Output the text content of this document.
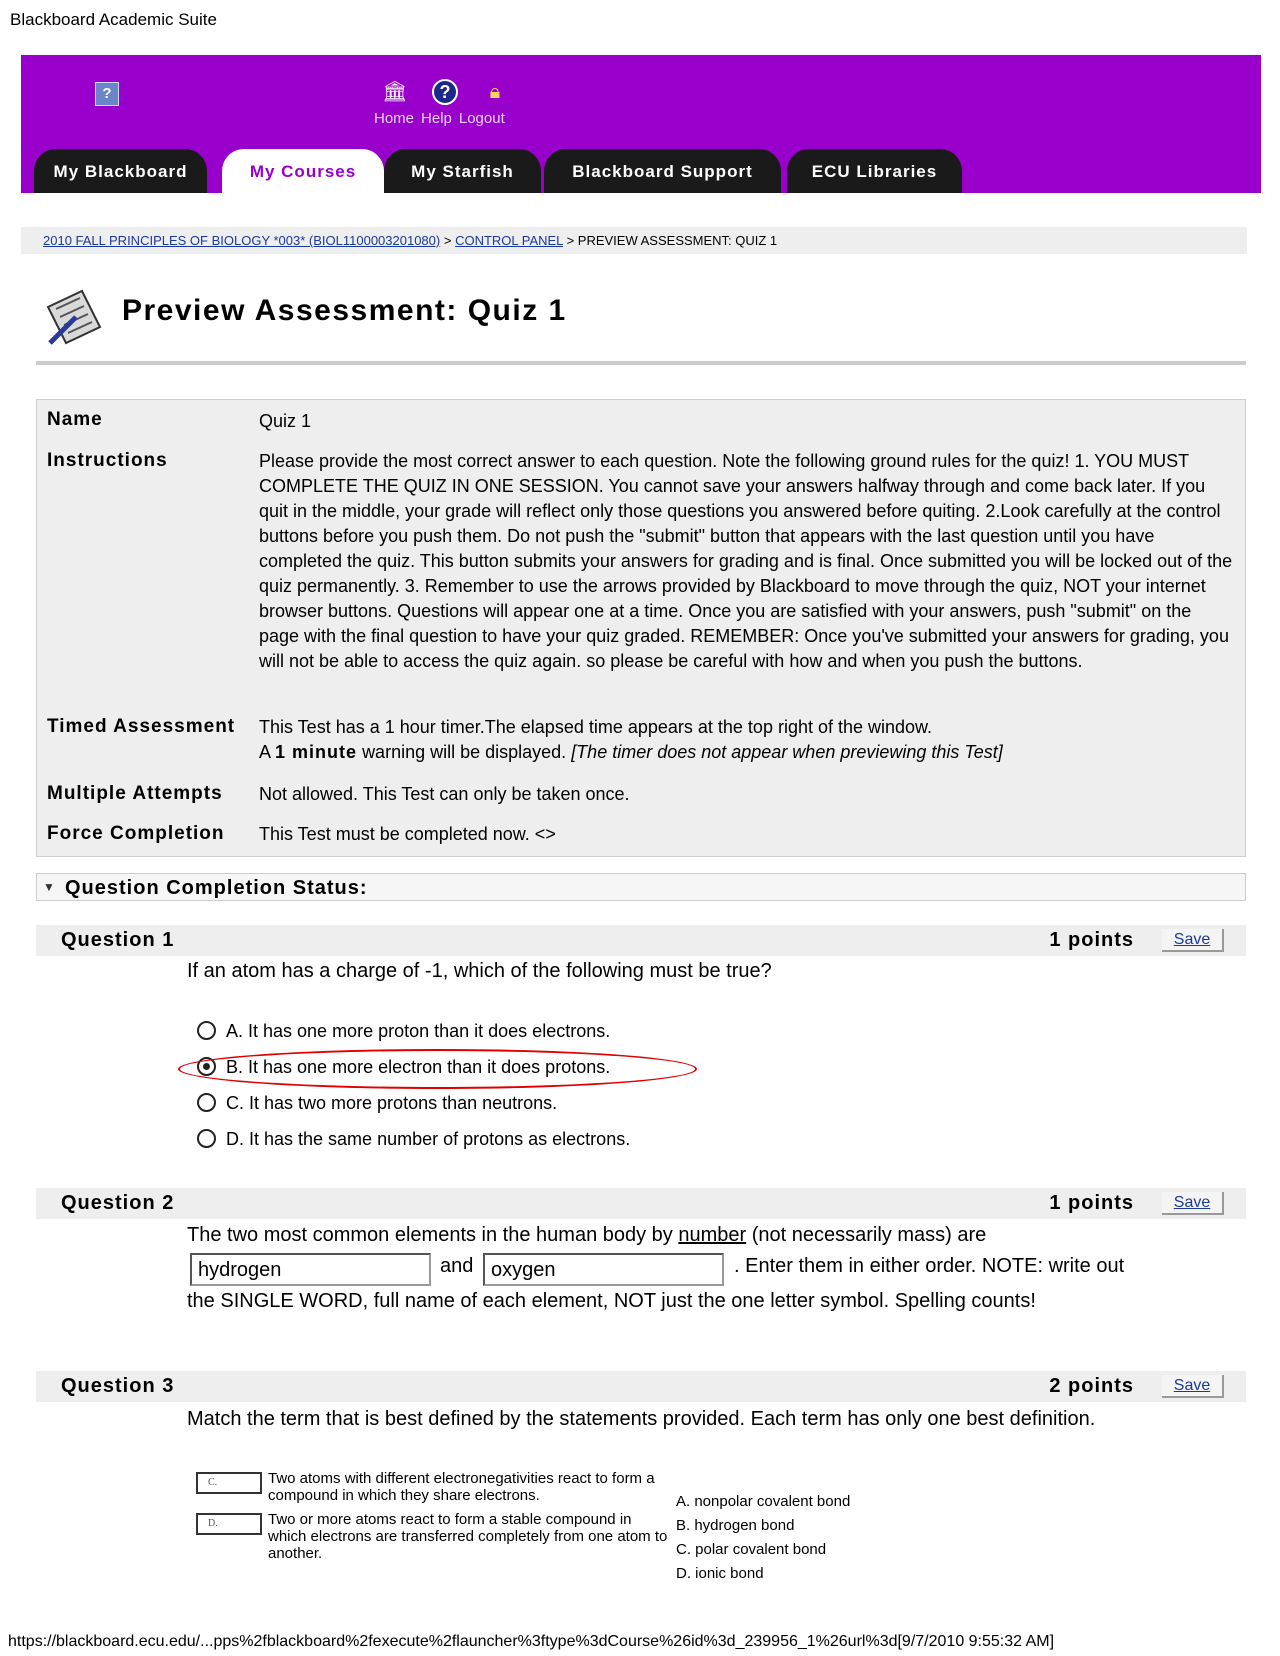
Blackboard Academic Suite
?	🏛︎	?	🔒︎
Home Help Logout
My Blackboard	My Courses	My Starfish	Blackboard Support	ECU Libraries
2010 FALL PRINCIPLES OF BIOLOGY *003* (BIOL1100003201080) > CONTROL PANEL > PREVIEW ASSESSMENT: QUIZ 1
Preview Assessment: Quiz 1
Name	Quiz 1
Instructions	Please provide the most correct answer to each question. Note the following ground rules for the quiz! 1. YOU MUST COMPLETE THE QUIZ IN ONE SESSION. You cannot save your answers halfway through and come back later. If you quit in the middle, your grade will reflect only those questions you answered before quiting. 2.Look carefully at the control buttons before you push them. Do not push the "submit" button that appears with the last question until you have completed the quiz. This button submits your answers for grading and is final. Once submitted you will be locked out of the quiz permanently. 3. Remember to use the arrows provided by Blackboard to move through the quiz, NOT your internet browser buttons. Questions will appear one at a time. Once you are satisfied with your answers, push "submit" on the page with the final question to have your quiz graded. REMEMBER: Once you've submitted your answers for grading, you will not be able to access the quiz again. so please be careful with how and when you push the buttons.
Timed Assessment This Test has a 1 hour timer.The elapsed time appears at the top right of the window.
A 1 minute warning will be displayed. [The timer does not appear when previewing this Test]
Multiple Attempts Not allowed. This Test can only be taken once.
Force Completion This Test must be completed now. <>
▼ Question Completion Status:
Question 1	1 points	Save
If an atom has a charge of -1, which of the following must be true?
A. It has one more proton than it does electrons.
B. It has one more electron than it does protons.
C. It has two more protons than neutrons.
D. It has the same number of protons as electrons.
Question 2	1 points	Save
The two most common elements in the human body by number (not necessarily mass) are
hydrogen	and oxygen	. Enter them in either order. NOTE: write out
the SINGLE WORD, full name of each element, NOT just the one letter symbol. Spelling counts!
Question 3	2 points	Save
Match the term that is best defined by the statements provided. Each term has only one best definition.
C.	Two atoms with different electronegativities react to form a compound in which they share electrons.
D.	Two or more atoms react to form a stable compound in which electrons are transferred completely from one atom to another.
A. nonpolar covalent bond
B. hydrogen bond
C. polar covalent bond
D. ionic bond
https://blackboard.ecu.edu/...pps%2fblackboard%2fexecute%2flauncher%3ftype%3dCourse%26id%3d_239956_1%26url%3d[9/7/2010 9:55:32 AM]
